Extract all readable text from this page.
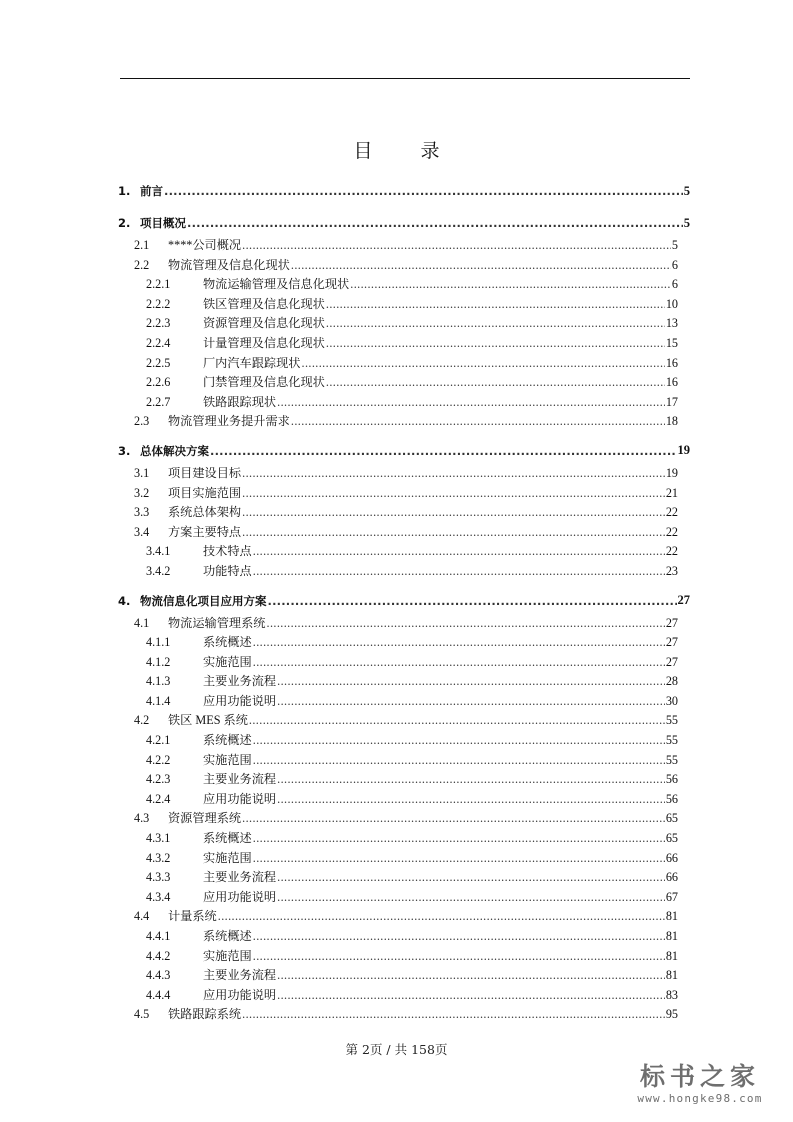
目	录
1. 前言 .....	5
2. 项目概况 .....	5
2.1	****公司概况 .....	5
2.2	物流管理及信息化现状 .....	6
2.2.1	物流运输管理及信息化现状 .....	6
2.2.2	铁区管理及信息化现状 .....	10
2.2.3	资源管理及信息化现状 .....	13
2.2.4	计量管理及信息化现状 .....	15
2.2.5	厂内汽车跟踪现状 .....	16
2.2.6	门禁管理及信息化现状 .....	16
2.2.7	铁路跟踪现状 .....	17
2.3	物流管理业务提升需求 .....	18
3. 总体解决方案 .....	19
3.1	项目建设目标 .....	19
3.2	项目实施范围 .....	21
3.3	系统总体架构 .....	22
3.4	方案主要特点 .....	22
3.4.1	技术特点 .....	22
3.4.2	功能特点 .....	23
4. 物流信息化项目应用方案 .....	27
4.1	物流运输管理系统 .....	27
4.1.1	系统概述 .....	27
4.1.2	实施范围 .....	27
4.1.3	主要业务流程 .....	28
4.1.4	应用功能说明 .....	30
4.2	铁区 MES 系统 .....	55
4.2.1	系统概述 .....	55
4.2.2	实施范围 .....	55
4.2.3	主要业务流程 .....	56
4.2.4	应用功能说明 .....	56
4.3	资源管理系统 .....	65
4.3.1	系统概述 .....	65
4.3.2	实施范围 .....	66
4.3.3	主要业务流程 .....	66
4.3.4	应用功能说明 .....	67
4.4	计量系统 .....	81
4.4.1	系统概述 .....	81
4.4.2	实施范围 .....	81
4.4.3	主要业务流程 .....	81
4.4.4	应用功能说明 .....	83
4.5	铁路跟踪系统 .....	95
第 2页 / 共 158页
标书之家
www.hongke98.com
